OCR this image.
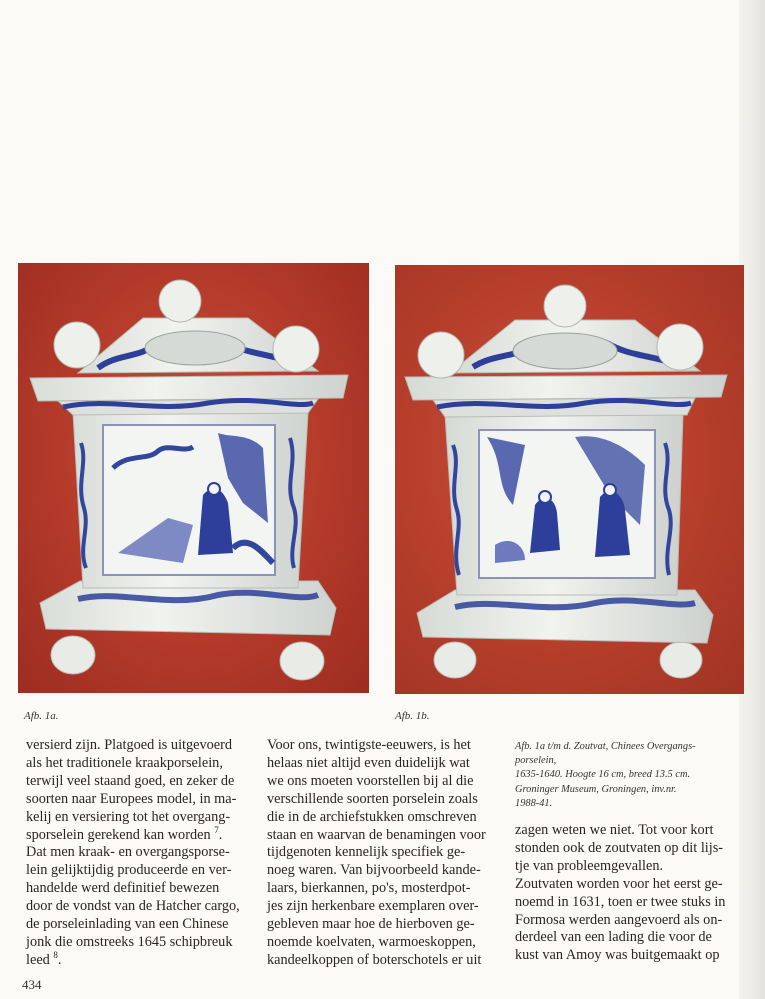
Afb. 1a.	Afb. 1b.
versierd zijn. Platgoed is uitgevoerd
als het traditionele kraakporselein,
terwijl veel staand goed, en zeker de
soorten naar Europees model, in ma-
kelij en versiering tot het overgang-
sporselein gerekend kan worden $^7$.
Dat men kraak- en overgangsporse-
lein gelijktijdig produceerde en ver-
handelde werd definitief bewezen
door de vondst van de Hatcher cargo,
de porseleinlading van een Chinese
jonk die omstreeks 1645 schipbreuk
leed $^8$.
Voor ons, twintigste-eeuwers, is het
helaas niet altijd even duidelijk wat
we ons moeten voorstellen bij al die
verschillende soorten porselein zoals
die in de archiefstukken omschreven
staan en waarvan de benamingen voor
tijdgenoten kennelijk specifiek ge-
noeg waren. Van bijvoorbeeld kande-
laars, bierkannen, po's, mosterdpot-
jes zijn herkenbare exemplaren over-
gebleven maar hoe de hierboven ge-
noemde koelvaten, warmoeskoppen,
kandeelkoppen of boterschotels er uit
Afb. 1a t/m d. Zoutvat, Chinees Overgangs-
porselein,
1635-1640. Hoogte 16 cm, breed 13.5 cm.
Groninger Museum, Groningen, inv.nr.
1988-41.
zagen weten we niet. Tot voor kort
stonden ook de zoutvaten op dit lijs-
tje van probleemgevallen.
Zoutvaten worden voor het eerst ge-
noemd in 1631, toen er twee stuks in
Formosa werden aangevoerd als on-
derdeel van een lading die voor de
kust van Amoy was buitgemaakt op
434
